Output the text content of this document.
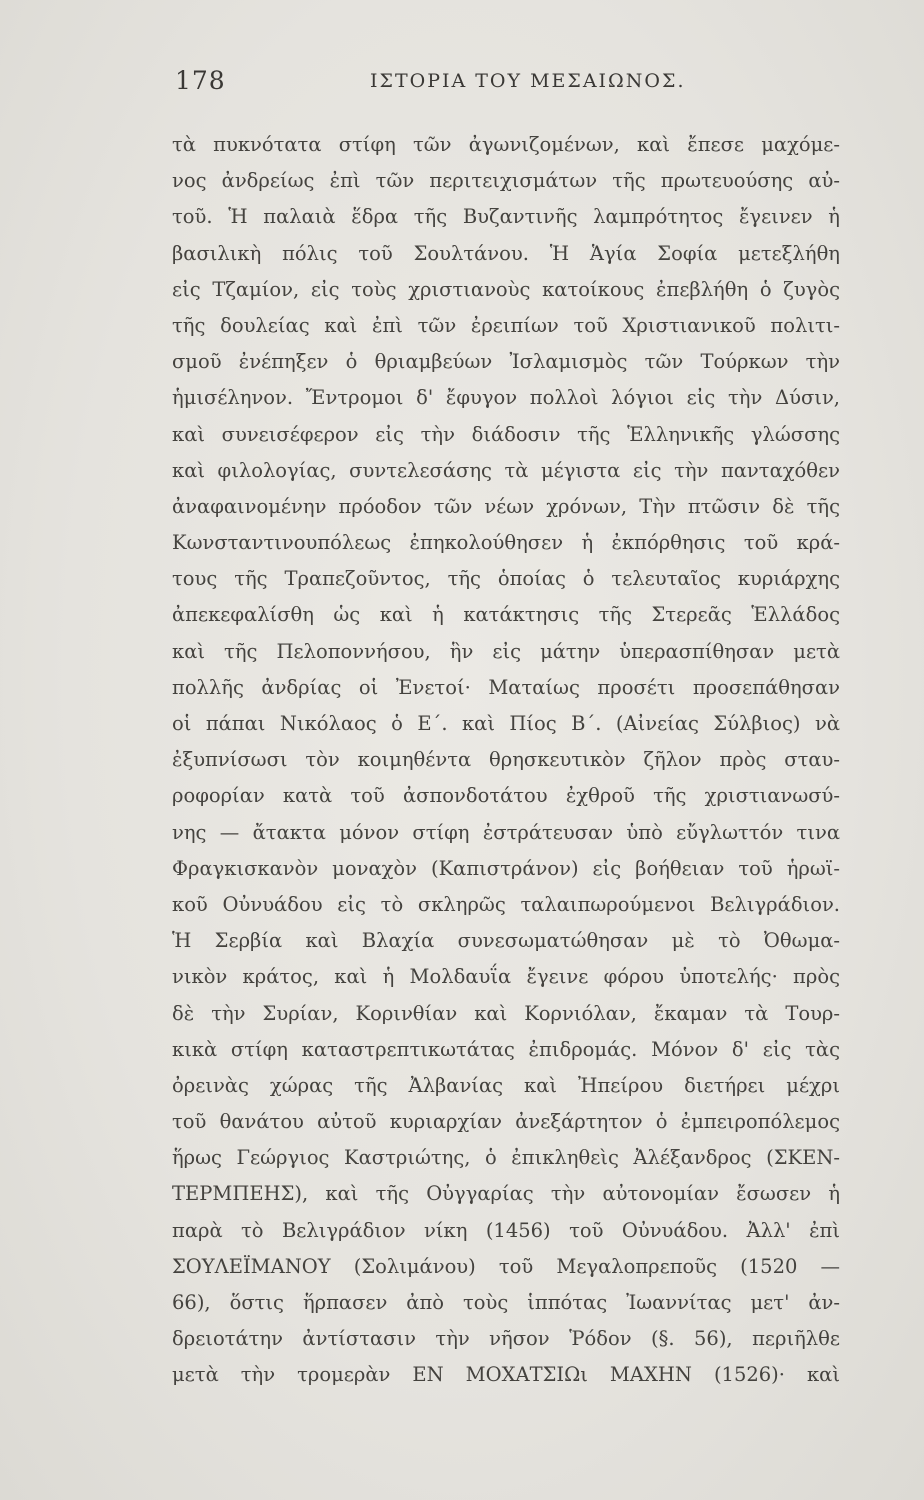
178	ΙΣΤΟΡΙΑ ΤΟΥ ΜΕΣΑΙΩΝΟΣ.
τὰ πυκνότατα στίφη τῶν ἀγωνιζομένων, καὶ ἔπεσε μαχόμε-
νος ἀνδρείως ἐπὶ τῶν περιτειχισμάτων τῆς πρωτευούσης αὐ-
τοῦ. Ἡ παλαιὰ ἕδρα τῆς Βυζαντινῆς λαμπρότητος ἔγεινεν ἡ
βασιλικὴ πόλις τοῦ Σουλτάνου. Ἡ Ἁγία Σοφία μετεξλήθη
εἰς Τζαμίον, εἰς τοὺς χριστιανοὺς κατοίκους ἐπεβλήθη ὁ ζυγὸς
τῆς δουλείας καὶ ἐπὶ τῶν ἐρειπίων τοῦ Χριστιανικοῦ πολιτι-
σμοῦ ἐνέπηξεν ὁ θριαμβεύων Ἰσλαμισμὸς τῶν Τούρκων τὴν
ἡμισέληνον. Ἔντρομοι δ' ἔφυγον πολλοὶ λόγιοι εἰς τὴν Δύσιν,
καὶ συνεισέφερον εἰς τὴν διάδοσιν τῆς Ἑλληνικῆς γλώσσης
καὶ φιλολογίας, συντελεσάσης τὰ μέγιστα εἰς τὴν πανταχόθεν
ἀναφαινομένην πρόοδον τῶν νέων χρόνων, Τὴν πτῶσιν δὲ τῆς
Κωνσταντινουπόλεως ἐπηκολούθησεν ἡ ἐκπόρθησις τοῦ κρά-
τους τῆς Τραπεζοῦντος, τῆς ὁποίας ὁ τελευταῖος κυριάρχης
ἀπεκεφαλίσθη ὡς καὶ ἡ κατάκτησις τῆς Στερεᾶς Ἑλλάδος
καὶ τῆς Πελοποννήσου, ἣν εἰς μάτην ὑπερασπίθησαν μετὰ
πολλῆς ἀνδρίας οἱ Ἐνετοί· Ματαίως προσέτι προσεπάθησαν
οἱ πάπαι Νικόλαος ὁ Ε΄. καὶ Πίος Β΄. (Αἰνείας Σύλβιος) νὰ
ἐξυπνίσωσι τὸν κοιμηθέντα θρησκευτικὸν ζῆλον πρὸς σταυ-
ροφορίαν κατὰ τοῦ ἀσπονδοτάτου ἐχθροῦ τῆς χριστιανωσύ-
νης — ἄτακτα μόνον στίφη ἐστράτευσαν ὑπὸ εὔγλωττόν τινα
Φραγκισκανὸν μοναχὸν (Καπιστράνον) εἰς βοήθειαν τοῦ ἡρωϊ-
κοῦ Οὐνυάδου εἰς τὸ σκληρῶς ταλαιπωρούμενοι Βελιγράδιον.
Ἡ Σερβία καὶ Βλαχία συνεσωματώθησαν μὲ τὸ Ὀθωμα-
νικὸν κράτος, καὶ ἡ Μολδαυΐα ἔγεινε φόρου ὑποτελής· πρὸς
δὲ τὴν Συρίαν, Κορινθίαν καὶ Κορνιόλαν, ἔκαμαν τὰ Τουρ-
κικὰ στίφη καταστρεπτικωτάτας ἐπιδρομάς. Μόνον δ' εἰς τὰς
ὀρεινὰς χώρας τῆς Ἀλβανίας καὶ Ἠπείρου διετήρει μέχρι
τοῦ θανάτου αὐτοῦ κυριαρχίαν ἀνεξάρτητον ὁ ἐμπειροπόλεμος
ἥρως Γεώργιος Καστριώτης, ὁ ἐπικληθεὶς Ἀλέξανδρος (ΣΚΕΝ-
ΤΕΡΜΠΕΗΣ), καὶ τῆς Οὐγγαρίας τὴν αὐτονομίαν ἔσωσεν ἡ
παρὰ τὸ Βελιγράδιον νίκη (1456) τοῦ Οὐνυάδου. Ἀλλ' ἐπὶ
ΣΟΥΛΕΪΜΑΝΟΥ (Σολιμάνου) τοῦ Μεγαλοπρεποῦς (1520 —
66), ὅστις ἥρπασεν ἀπὸ τοὺς ἱππότας Ἰωαννίτας μετ' ἀν-
δρειοτάτην ἀντίστασιν τὴν νῆσον Ῥόδον (§. 56), περιῆλθε
μετὰ τὴν τρομερὰν ΕΝ ΜΟΧΑΤΣΙΩι ΜΑΧΗΝ (1526)· καὶ
